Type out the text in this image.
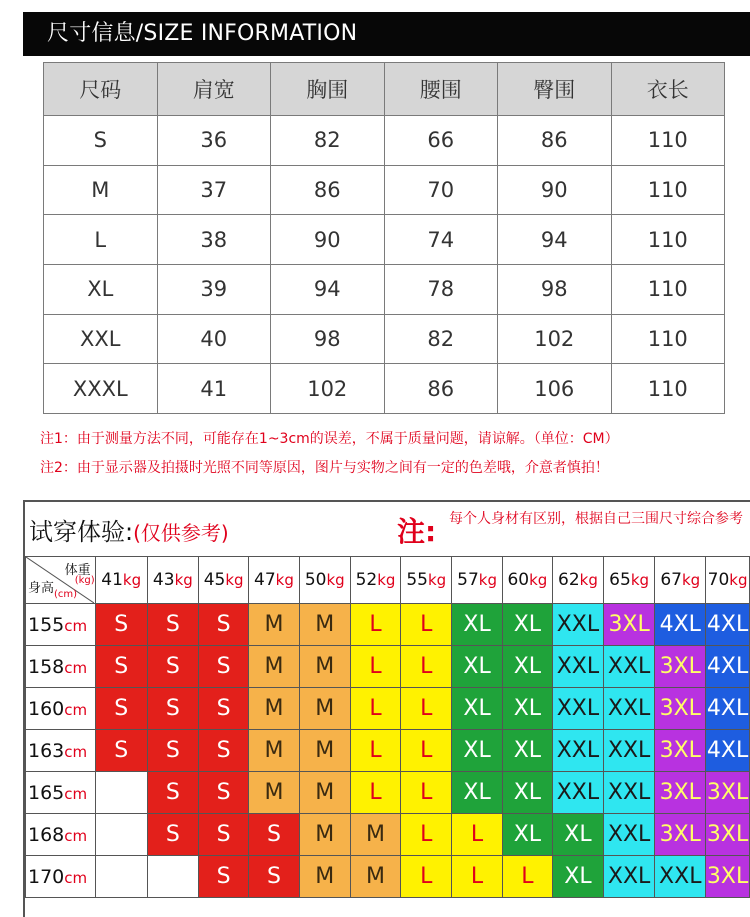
尺寸信息/SIZE INFORMATION
尺码	肩宽	胸围	腰围	臀围	衣长
S	36	82	66	86	110
M	37	86	70	90	110
L	38	90	74	94	110
XL	39	94	78	98	110
XXL	40	98	82	102	110
XXXL	41	102	86	106	110
注1：由于测量方法不同，可能存在1~3cm的误差，不属于质量问题，请谅解。（单位：CM）
注2：由于显示器及拍摄时光照不同等原因，图片与实物之间有一定的色差哦，介意者慎拍！
试穿体验:(仅供参考)	注: 每个人身材有区别，根据自己三围尺寸综合参考
体重
(kg)
身高 (cm)	41kg	43kg	45kg	47kg	50kg	52kg	55kg	57kg	60kg	62kg	65kg	67kg	70kg
155cm	S	S	S	M	M	L	L	XL	XL	XXL	3XL	4XL	4XL
158cm	S	S	S	M	M	L	L	XL	XL	XXL	XXL	3XL	4XL
160cm	S	S	S	M	M	L	L	XL	XL	XXL	XXL	3XL	4XL
163cm	S	S	S	M	M	L	L	XL	XL	XXL	XXL	3XL	4XL
165cm		S	S	M	M	L	L	XL	XL	XXL	XXL	3XL	3XL
168cm		S	S	S	M	M	L	L	XL	XL	XXL	3XL	3XL
170cm			S	S	M	M	L	L	L	XL	XXL	XXL	3XL
